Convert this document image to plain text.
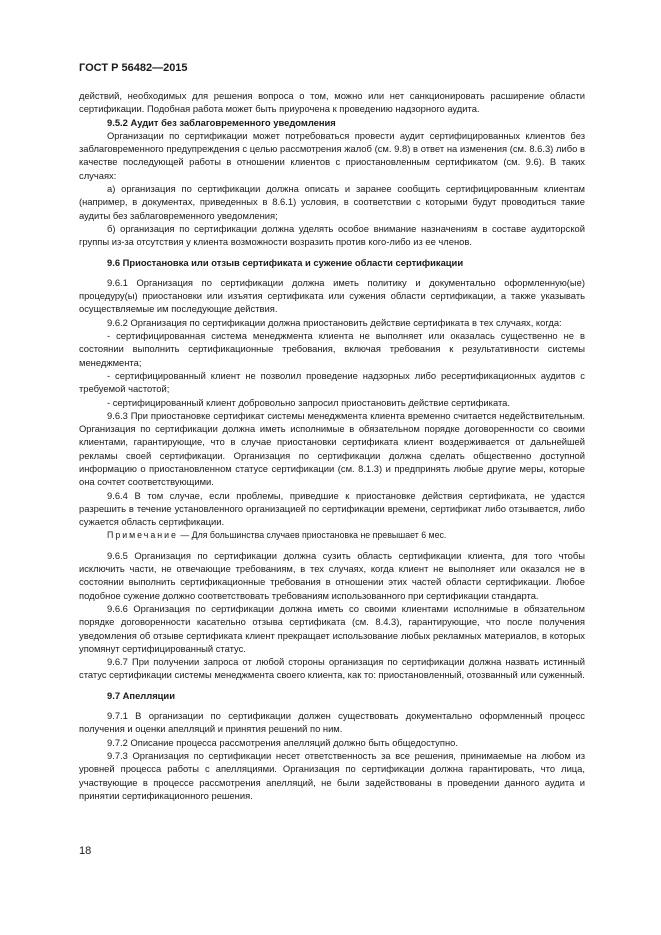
ГОСТ Р 56482—2015

действий, необходимых для решения вопроса о том, можно или нет санкционировать расширение области сертификации. Подобная работа может быть приурочена к проведению надзорного аудита.

9.5.2 Аудит без заблаговременного уведомления

Организации по сертификации может потребоваться провести аудит сертифицированных клиентов без заблаговременного предупреждения с целью рассмотрения жалоб (см. 9.8) в ответ на изменения (см. 8.6.3) либо в качестве последующей работы в отношении клиентов с приостановленным сертификатом (см. 9.6). В таких случаях:

а) организация по сертификации должна описать и заранее сообщить сертифицированным клиентам (например, в документах, приведенных в 8.6.1) условия, в соответствии с которыми будут проводиться такие аудиты без заблаговременного уведомления;

б) организация по сертификации должна уделять особое внимание назначениям в составе аудиторской группы из-за отсутствия у клиента возможности возразить против кого-либо из ее членов.

9.6 Приостановка или отзыв сертификата и сужение области сертификации

9.6.1 Организация по сертификации должна иметь политику и документально оформленную(ые) процедуру(ы) приостановки или изъятия сертификата или сужения области сертификации, а также указывать осуществляемые им последующие действия.

9.6.2 Организация по сертификации должна приостановить действие сертификата в тех случаях, когда:

- сертифицированная система менеджмента клиента не выполняет или оказалась существенно не в состоянии выполнить сертификационные требования, включая требования к результативности системы менеджмента;

- сертифицированный клиент не позволил проведение надзорных либо ресертификационных аудитов с требуемой частотой;

- сертифицированный клиент добровольно запросил приостановить действие сертификата.

9.6.3 При приостановке сертификат системы менеджмента клиента временно считается недействительным. Организация по сертификации должна иметь исполнимые в обязательном порядке договоренности со своими клиентами, гарантирующие, что в случае приостановки сертификата клиент воздерживается от дальнейшей рекламы своей сертификации. Организация по сертификации должна сделать общественно доступной информацию о приостановленном статусе сертификации (см. 8.1.3) и предпринять любые другие меры, которые она сочтет соответствующими.

9.6.4 В том случае, если проблемы, приведшие к приостановке действия сертификата, не удастся разрешить в течение установленного организацией по сертификации времени, сертификат либо отзывается, либо сужается область сертификации.

Примечание — Для большинства случаев приостановка не превышает 6 мес.

9.6.5 Организация по сертификации должна сузить область сертификации клиента, для того чтобы исключить части, не отвечающие требованиям, в тех случаях, когда клиент не выполняет или оказался не в состоянии выполнить сертификационные требования в отношении этих частей области сертификации. Любое подобное сужение должно соответствовать требованиям использованного при сертификации стандарта.

9.6.6 Организация по сертификации должна иметь со своими клиентами исполнимые в обязательном порядке договоренности касательно отзыва сертификата (см. 8.4.3), гарантирующие, что после получения уведомления об отзыве сертификата клиент прекращает использование любых рекламных материалов, в которых упомянут сертифицированный статус.

9.6.7 При получении запроса от любой стороны организация по сертификации должна назвать истинный статус сертификации системы менеджмента своего клиента, как то: приостановленный, отозванный или суженный.

9.7 Апелляции

9.7.1 В организации по сертификации должен существовать документально оформленный процесс получения и оценки апелляций и принятия решений по ним.

9.7.2 Описание процесса рассмотрения апелляций должно быть общедоступно.

9.7.3 Организация по сертификации несет ответственность за все решения, принимаемые на любом из уровней процесса работы с апелляциями. Организация по сертификации должна гарантировать, что лица, участвующие в процессе рассмотрения апелляций, не были задействованы в проведении данного аудита и принятии сертификационного решения.

18
